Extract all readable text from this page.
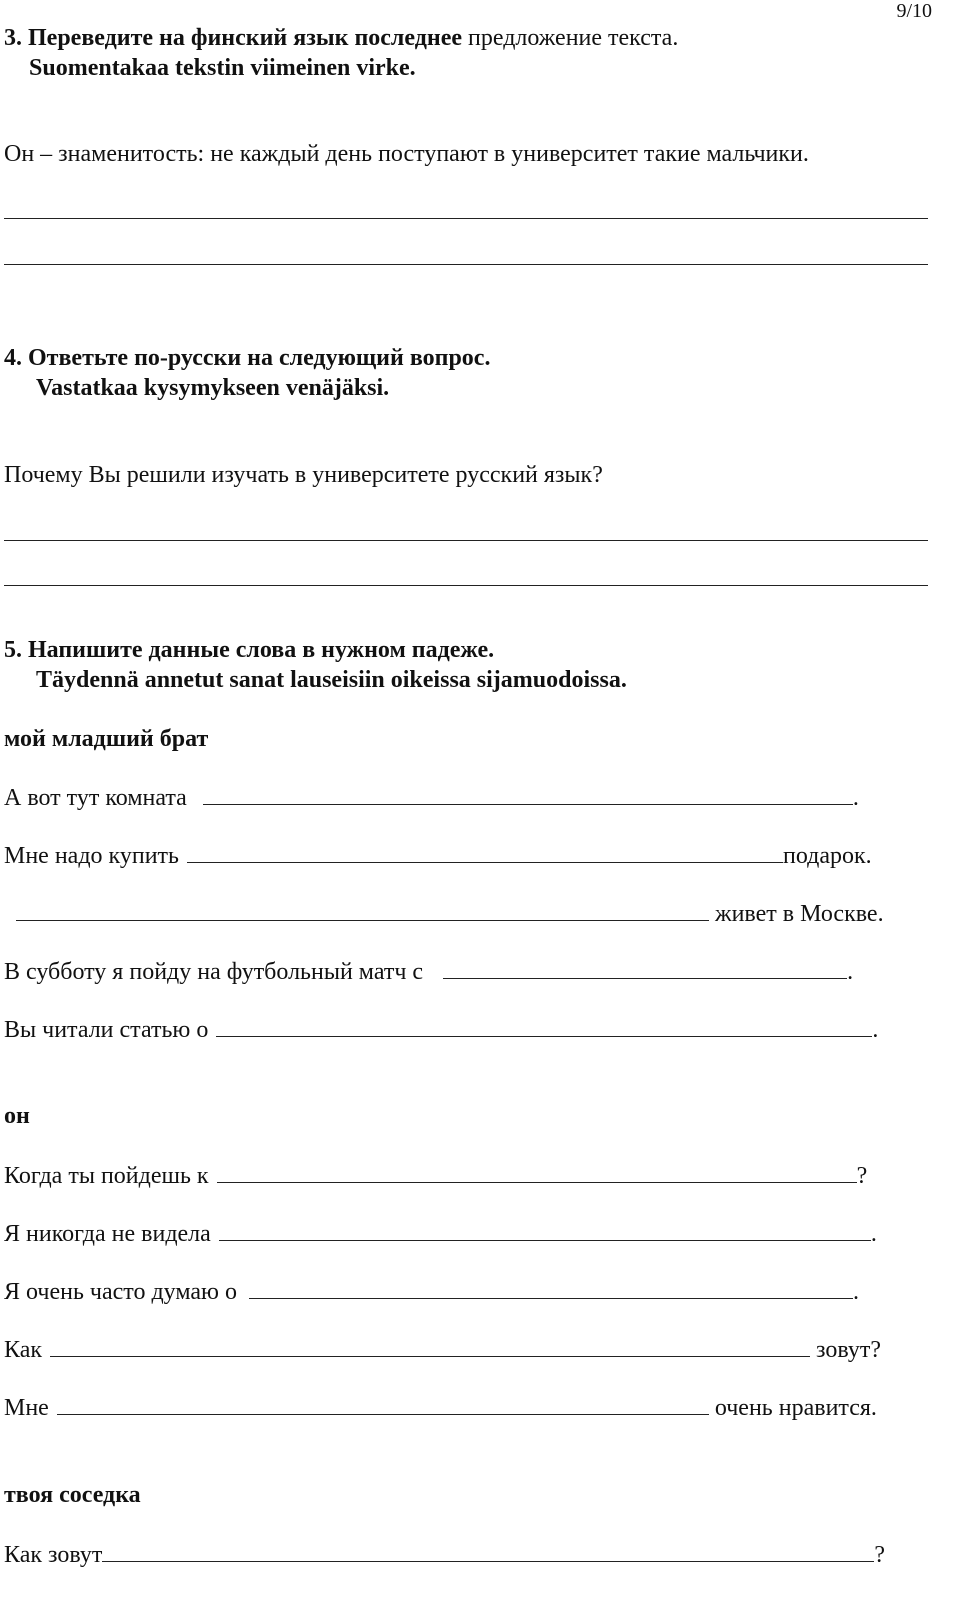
9/10
3. Переведите на финский язык последнее предложение текста.
Suomentakaa tekstin viimeinen virke.
Он – знаменитость: не каждый день поступают в университет такие мальчики.
4. Ответьте по-русски на следующий вопрос.
Vastatkaa kysymykseen venäjäksi.
Почему Вы решили изучать в университете русский язык?
5. Напишите данные слова в нужном падеже.
Täydennä annetut sanat lauseisiin oikeissa sijamuodoissa.
мой младший брат
А вот тут комната	.
Мне надо купить	подарок.
живет в Москве.
В субботу я пойду на футбольный матч с	.
Вы читали статью о	.
он
Когда ты пойдешь к	?
Я никогда не видела	.
Я очень часто думаю о	.
Как	зовут?
Мне	очень нравится.
твоя соседка
Как зовут	?
